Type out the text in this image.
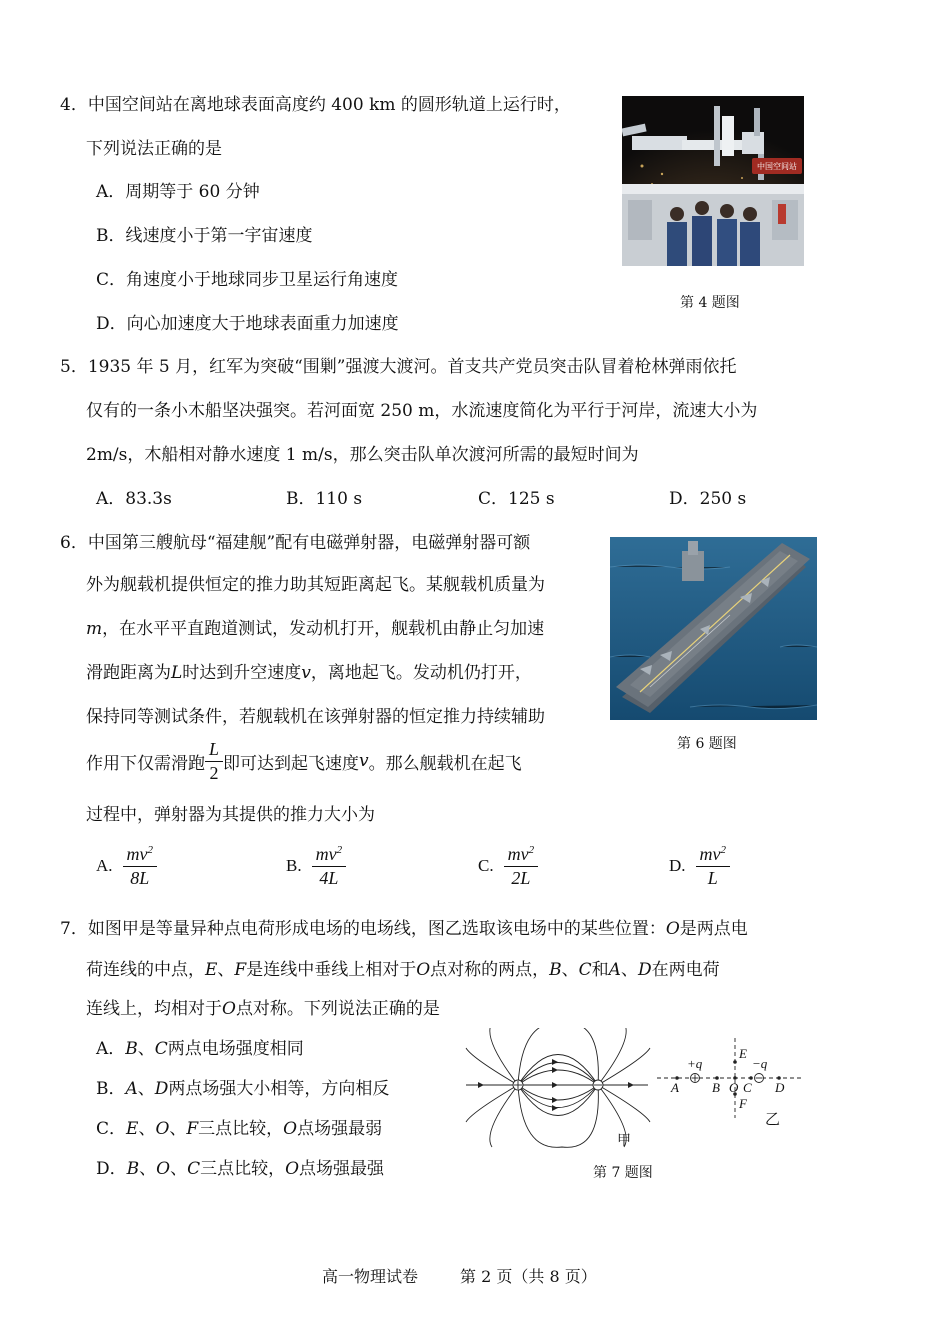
4．中国空间站在离地球表面高度约 400 km 的圆形轨道上运行时，
下列说法正确的是
A．周期等于 60 分钟
B．线速度小于第一宇宙速度
C．角速度小于地球同步卫星运行角速度
D．向心加速度大于地球表面重力加速度
中国空间站
第 4 题图
5．1935 年 5 月，红军为突破“围剿”强渡大渡河。首支共产党员突击队冒着枪林弹雨依托
仅有的一条小木船坚决强突。若河面宽 250 m，水流速度简化为平行于河岸，流速大小为
2m/s，木船相对静水速度 1 m/s，那么突击队单次渡河所需的最短时间为
A．83.3s	B．110 s	C．125 s	D．250 s
6．中国第三艘航母“福建舰”配有电磁弹射器，电磁弹射器可额
外为舰载机提供恒定的推力助其短距离起飞。某舰载机质量为
m，在水平平直跑道测试，发动机打开，舰载机由静止匀加速
滑跑距离为L时达到升空速度v，离地起飞。发动机仍打开，
保持同等测试条件，若舰载机在该弹射器的恒定推力持续辅助
作用下仅需滑跑 $\frac{L}{2}$ 即可达到起飞速度 v 。那么舰载机在起飞
过程中，弹射器为其提供的推力大小为
A. $\frac{mv^2}{8L}$	B. $\frac{mv^2}{4L}$	C. $\frac{mv^2}{2L}$	D. $\frac{mv^2}{L}$
第 6 题图
7．如图甲是等量异种点电荷形成电场的电场线，图乙选取该电场中的某些位置：O是两点电
荷连线的中点，E、F是连线中垂线上相对于O点对称的两点，B、C和A、D在两电荷
连线上，均相对于O点对称。下列说法正确的是
A．B、C两点电场强度相同
B．A、D两点场强大小相等，方向相反
C．E、O、F三点比较，O点场强最弱
D．B、O、C三点比较，O点场强最强
甲
+q	−q
A	B O C D
E
F
乙
第 7 题图
高一物理试卷	第 2 页（共 8 页）
